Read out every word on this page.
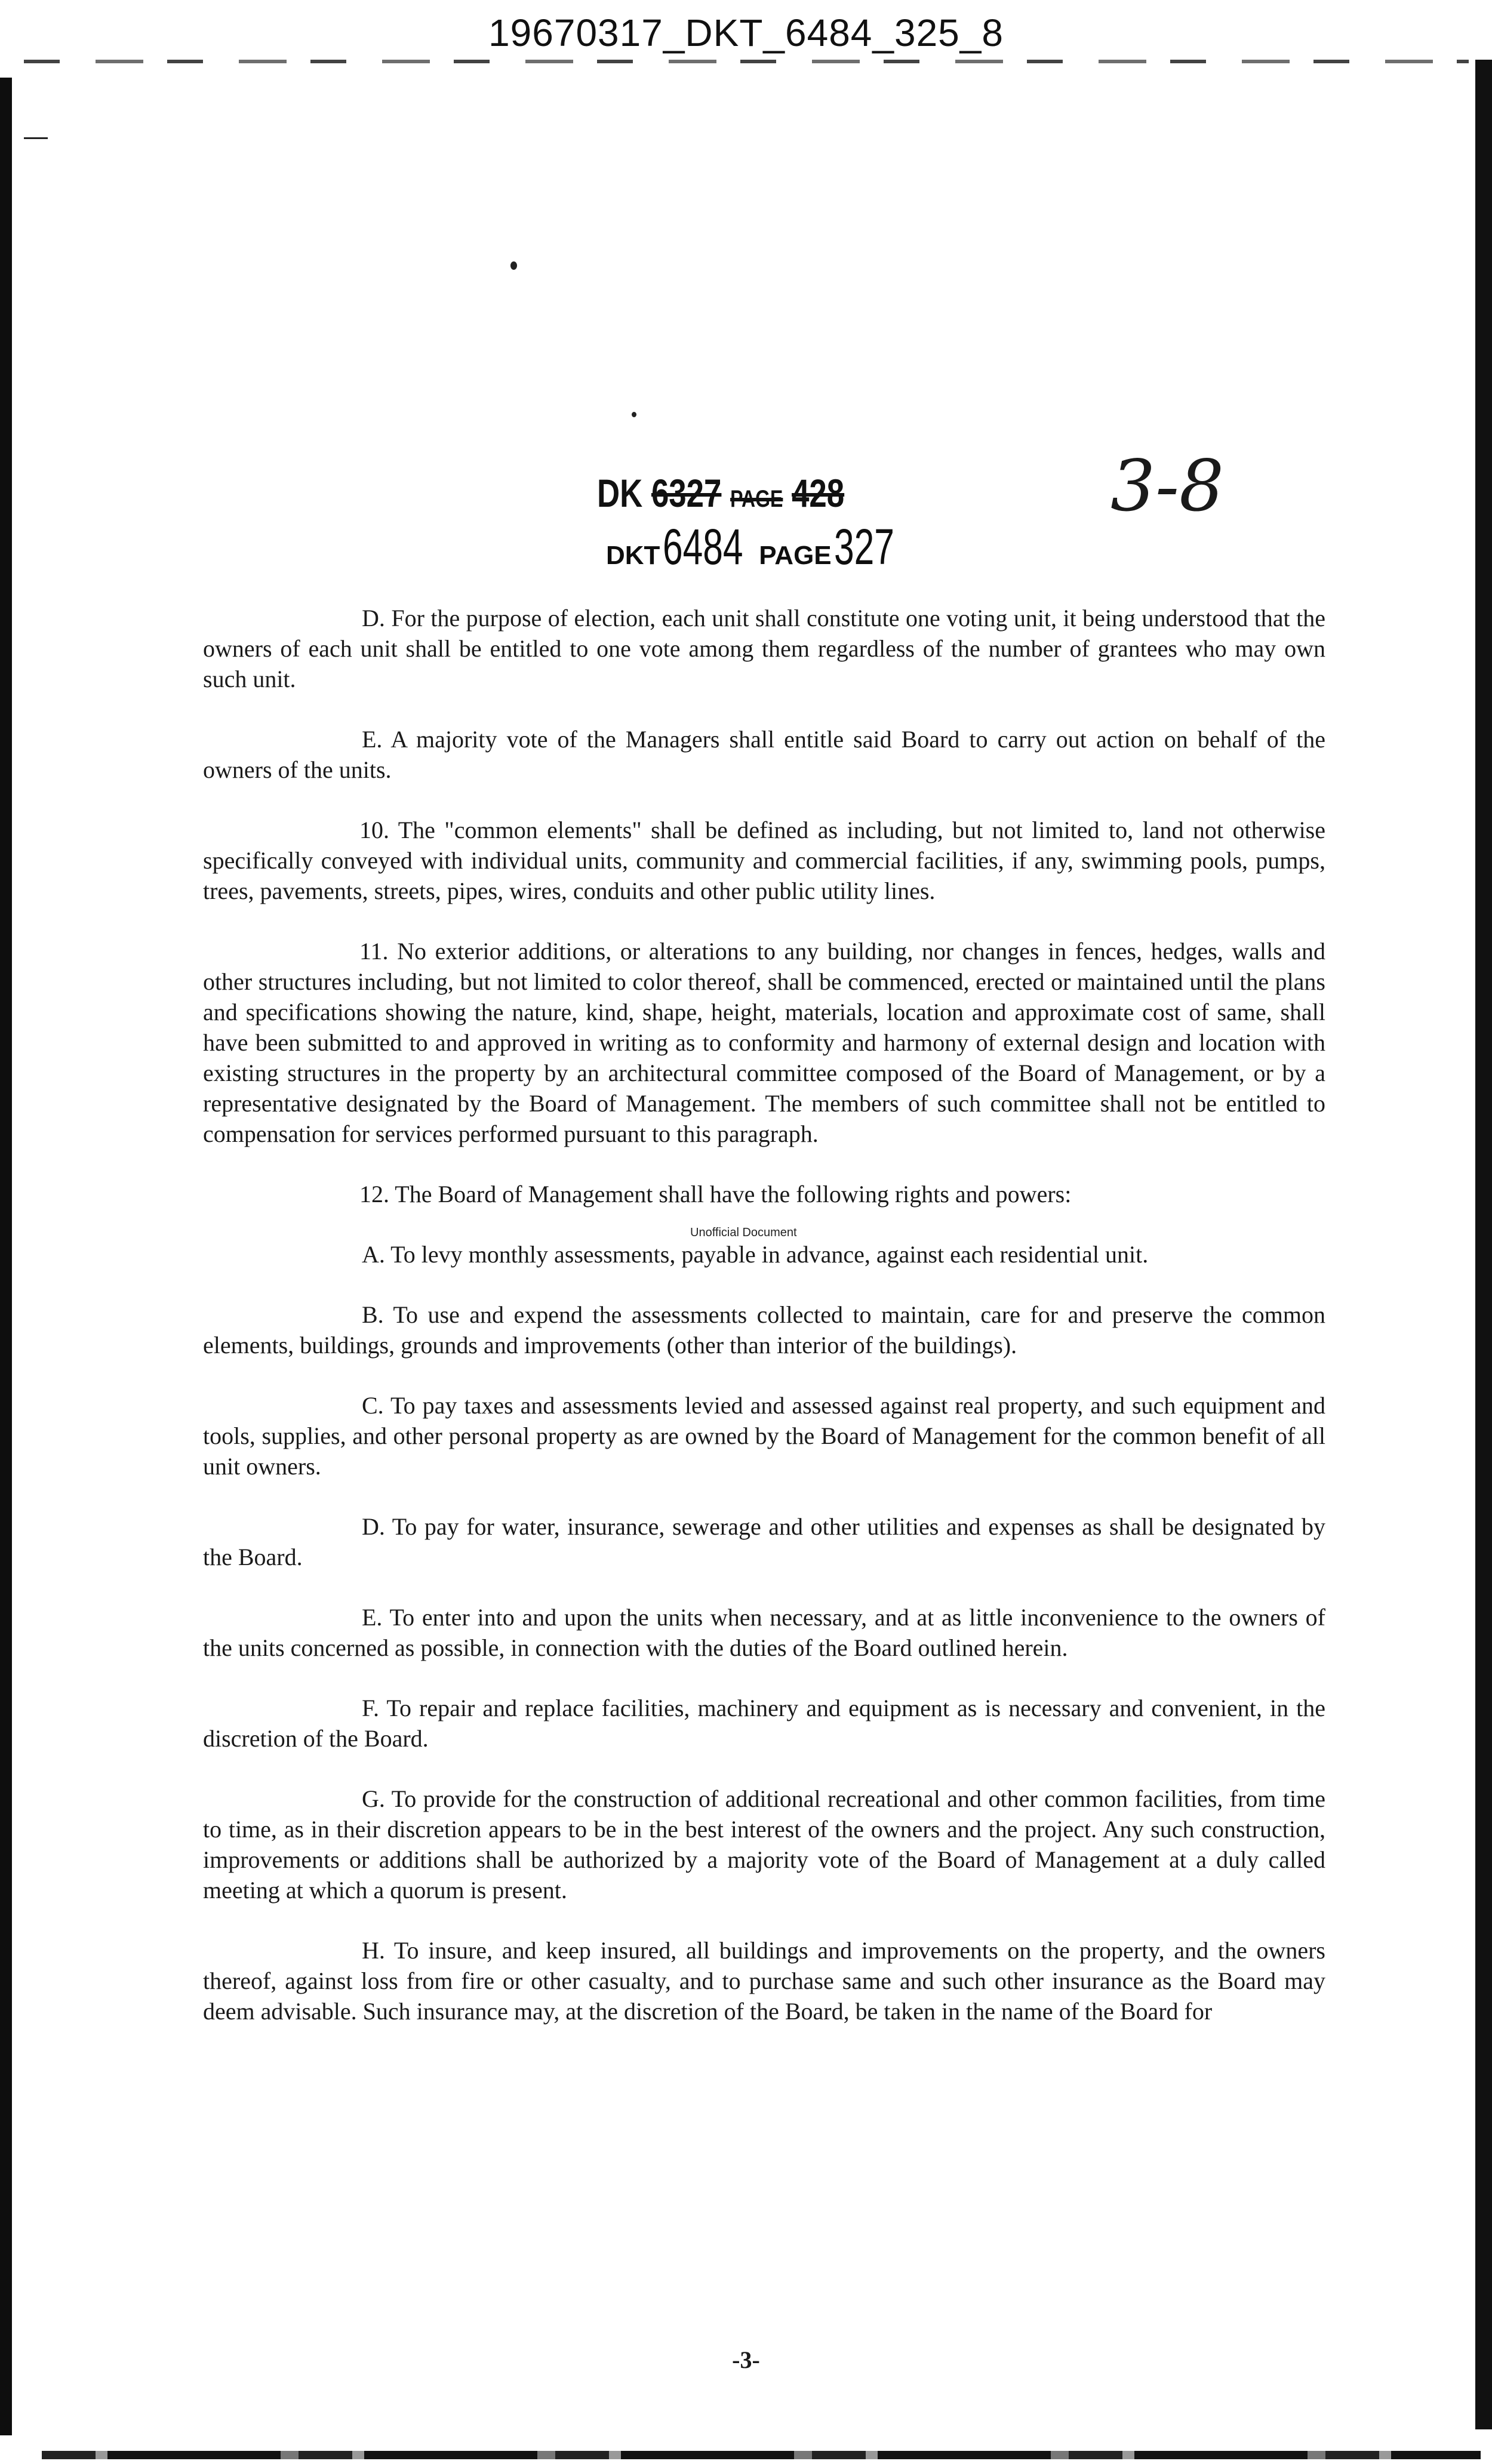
19670317_DKT_6484_325_8
DK 6327 PAGE 428
DKT 6484 PAGE 327
3-8

D. For the purpose of election, each unit shall constitute one voting unit, it being understood that the owners of each unit shall be entitled to one vote among them regardless of the number of grantees who may own such unit.

E. A majority vote of the Managers shall entitle said Board to carry out action on behalf of the owners of the units.

10. The "common elements" shall be defined as including, but not limited to, land not otherwise specifically conveyed with individual units, community and commercial facilities, if any, swimming pools, pumps, trees, pavements, streets, pipes, wires, conduits and other public utility lines.

11. No exterior additions, or alterations to any building, nor changes in fences, hedges, walls and other structures including, but not limited to color thereof, shall be commenced, erected or maintained until the plans and specifications showing the nature, kind, shape, height, materials, location and approximate cost of same, shall have been submitted to and approved in writing as to conformity and harmony of external design and location with existing structures in the property by an architectural committee composed of the Board of Management, or by a representative designated by the Board of Management. The members of such committee shall not be entitled to compensation for services performed pursuant to this paragraph.

12. The Board of Management shall have the following rights and powers:

A. To levy monthly assessments, payable in advance, against each residential unit.

B. To use and expend the assessments collected to maintain, care for and preserve the common elements, buildings, grounds and improvements (other than interior of the buildings).

C. To pay taxes and assessments levied and assessed against real property, and such equipment and tools, supplies, and other personal property as are owned by the Board of Management for the common benefit of all unit owners.

D. To pay for water, insurance, sewerage and other utilities and expenses as shall be designated by the Board.

E. To enter into and upon the units when necessary, and at as little inconvenience to the owners of the units concerned as possible, in connection with the duties of the Board outlined herein.

F. To repair and replace facilities, machinery and equipment as is necessary and convenient, in the discretion of the Board.

G. To provide for the construction of additional recreational and other common facilities, from time to time, as in their discretion appears to be in the best interest of the owners and the project. Any such construction, improvements or additions shall be authorized by a majority vote of the Board of Management at a duly called meeting at which a quorum is present.

H. To insure, and keep insured, all buildings and improvements on the property, and the owners thereof, against loss from fire or other casualty, and to purchase same and such other insurance as the Board may deem advisable. Such insurance may, at the discretion of the Board, be taken in the name of the Board for

Unofficial Document
-3-
